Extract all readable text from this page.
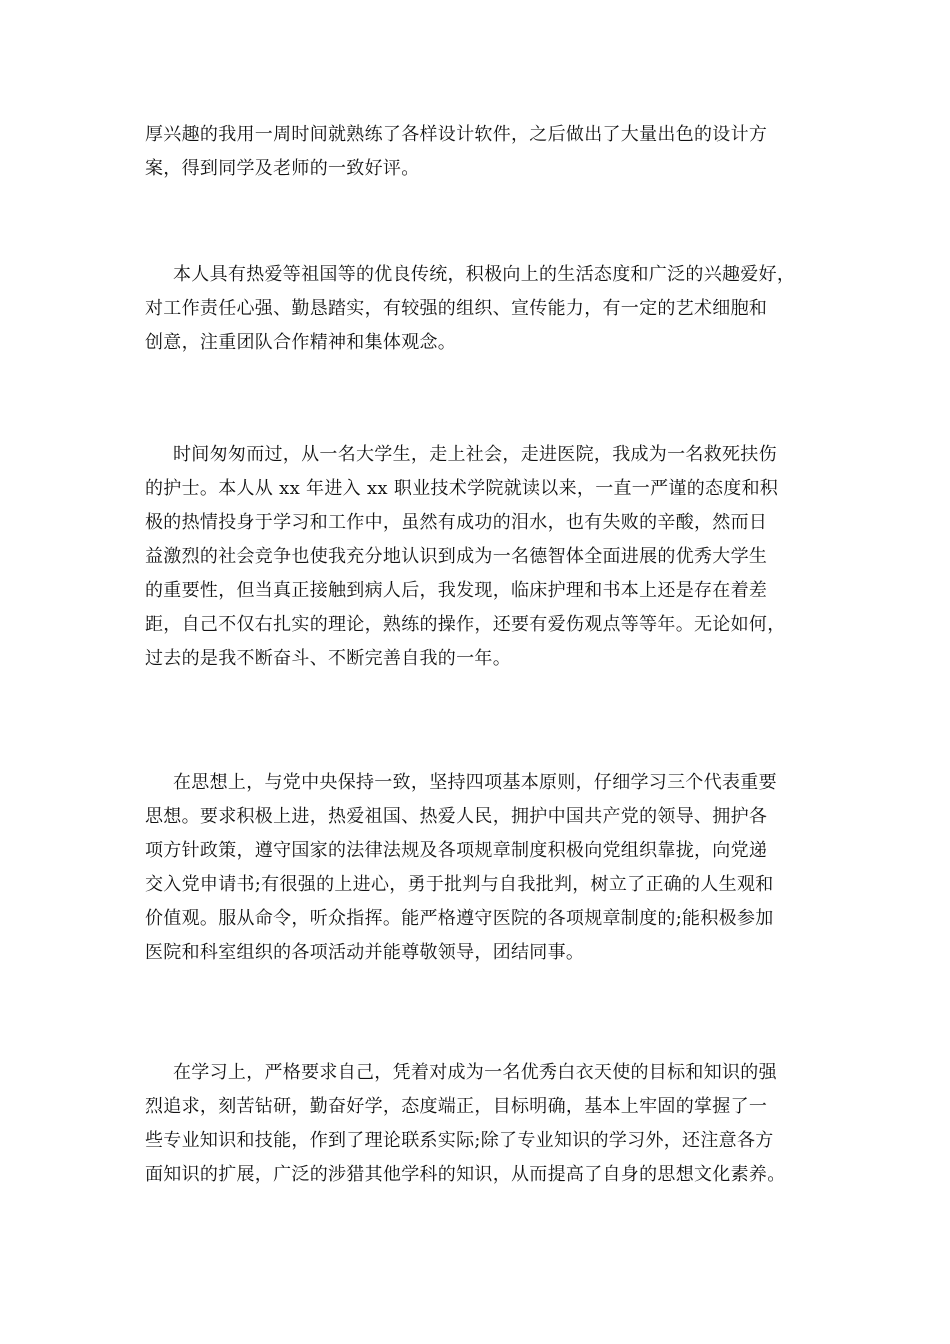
厚兴趣的我用一周时间就熟练了各样设计软件，之后做出了大量出色的设计方
案，得到同学及老师的一致好评。
本人具有热爱等祖国等的优良传统，积极向上的生活态度和广泛的兴趣爱好，
对工作责任心强、勤恳踏实，有较强的组织、宣传能力，有一定的艺术细胞和
创意，注重团队合作精神和集体观念。
时间匆匆而过，从一名大学生，走上社会，走进医院，我成为一名救死扶伤
的护士。本人从 xx 年进入 xx 职业技术学院就读以来，一直一严谨的态度和积
极的热情投身于学习和工作中，虽然有成功的泪水，也有失败的辛酸，然而日
益激烈的社会竞争也使我充分地认识到成为一名德智体全面进展的优秀大学生
的重要性，但当真正接触到病人后，我发现，临床护理和书本上还是存在着差
距，自己不仅右扎实的理论，熟练的操作，还要有爱伤观点等等年。无论如何，
过去的是我不断奋斗、不断完善自我的一年。
在思想上，与党中央保持一致，坚持四项基本原则，仔细学习三个代表重要
思想。要求积极上进，热爱祖国、热爱人民，拥护中国共产党的领导、拥护各
项方针政策，遵守国家的法律法规及各项规章制度积极向党组织靠拢，向党递
交入党申请书;有很强的上进心，勇于批判与自我批判，树立了正确的人生观和
价值观。服从命令，听众指挥。能严格遵守医院的各项规章制度的;能积极参加
医院和科室组织的各项活动并能尊敬领导，团结同事。
在学习上，严格要求自己，凭着对成为一名优秀白衣天使的目标和知识的强
烈追求，刻苦钻研，勤奋好学，态度端正，目标明确，基本上牢固的掌握了一
些专业知识和技能，作到了理论联系实际;除了专业知识的学习外，还注意各方
面知识的扩展，广泛的涉猎其他学科的知识，从而提高了自身的思想文化素养。
